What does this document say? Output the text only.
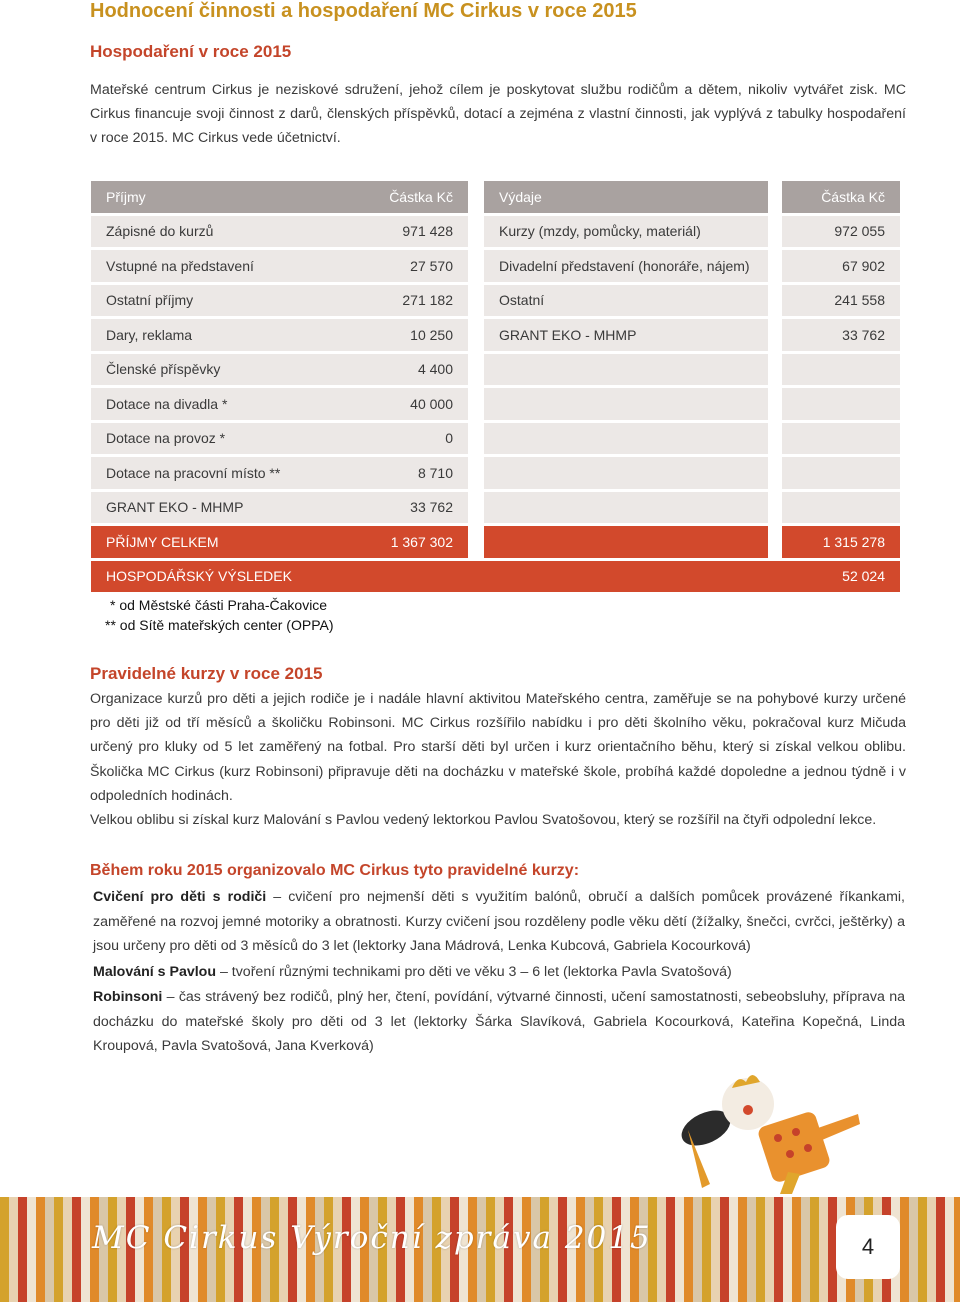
Hodnocení činnosti a hospodaření MC Cirkus v roce 2015
Hospodaření v roce 2015

Mateřské centrum Cirkus je neziskové sdružení, jehož cílem je poskytovat službu rodičům a dětem, nikoliv vytvářet zisk. MC Cirkus financuje svoji činnost z darů, členských příspěvků, dotací a zejména z vlastní činnosti, jak vyplývá z tabulky hospodaření v roce 2015. MC Cirkus vede účetnictví.

Příjmy	Částka Kč		Výdaje		Částka Kč
Zápisné do kurzů	971 428		Kurzy (mzdy, pomůcky, materiál)		972 055
Vstupné na představení	27 570		Divadelní představení (honoráře, nájem)		67 902
Ostatní příjmy	271 182		Ostatní		241 558
Dary, reklama	10 250		GRANT EKO - MHMP		33 762
Členské příspěvky	4 400				
Dotace na divadla *	40 000				
Dotace na provoz *	0				
Dotace na pracovní místo **	8 710				
GRANT EKO - MHMP	33 762				
PŘÍJMY CELKEM	1 367 302				1 315 278
HOSPODÁŘSKÝ VÝSLEDEK					52 024
* od Městské části Praha-Čakovice
** od Sítě mateřských center (OPPA)
Pravidelné kurzy v roce 2015

Organizace kurzů pro děti a jejich rodiče je i nadále hlavní aktivitou Mateřského centra, zaměřuje se na pohybové kurzy určené pro děti již od tří měsíců a školičku Robinsoni. MC Cirkus rozšířilo nabídku i pro děti školního věku, pokračoval kurz Mičuda určený pro kluky od 5 let zaměřený na fotbal. Pro starší děti byl určen i kurz orientačního běhu, který si získal velkou oblibu. Školička MC Cirkus (kurz Robinsoni) připravuje děti na docházku v mateřské škole, probíhá každé dopoledne a jednou týdně i v odpoledních hodinách.

Velkou oblibu si získal kurz Malování s Pavlou vedený lektorkou Pavlou Svatošovou, který se rozšířil na čtyři odpolední lekce.

Během roku 2015 organizovalo MC Cirkus tyto pravidelné kurzy:

Cvičení pro děti s rodiči – cvičení pro nejmenší děti s využitím balónů, obručí a dalších pomůcek provázené říkankami, zaměřené na rozvoj jemné motoriky a obratnosti. Kurzy cvičení jsou rozděleny podle věku dětí (žížalky, šnečci, cvrčci, ještěrky) a jsou určeny pro děti od 3 měsíců do 3 let (lektorky Jana Mádrová, Lenka Kubcová, Gabriela Kocourková)

Malování s Pavlou – tvoření různými technikami pro děti ve věku 3 – 6 let (lektorka Pavla Svatošová)

Robinsoni – čas strávený bez rodičů, plný her, čtení, povídání, výtvarné činnosti, učení samostatnosti, sebeobsluhy, příprava na docházku do mateřské školy pro děti od 3 let (lektorky Šárka Slavíková, Gabriela Kocourková, Kateřina Kopečná, Linda Kroupová, Pavla Svatošová, Jana Kverková)

MC Cirkus Výroční zpráva 2015	4
